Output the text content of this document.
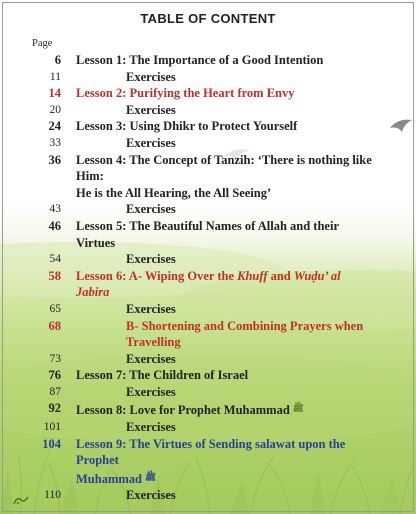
TABLE OF CONTENT
Page
6	Lesson 1: The Importance of a Good Intention
11	Exercises
14	Lesson 2: Purifying the Heart from Envy
20	Exercises
24	Lesson 3: Using Dhikr to Protect Yourself
33	Exercises
36	Lesson 4: The Concept of Tanzih: ‘There is nothing like Him:
He is the All Hearing, the All Seeing’
43	Exercises
46	Lesson 5: The Beautiful Names of Allah and their Virtues
54	Exercises
58	Lesson 6: A- Wiping Over the Khuff and Wuḍu’ al Jabira
65	Exercises
68	B- Shortening and Combining Prayers when
Travelling
73	Exercises
76	Lesson 7: The Children of Israel
87	Exercises
92	Lesson 8: Love for Prophet Muhammad $^ﷺ$
101	Exercises
104	Lesson 9: The Virtues of Sending salawat upon the Prophet
Muhammad $^ﷺ$
110	Exercises
